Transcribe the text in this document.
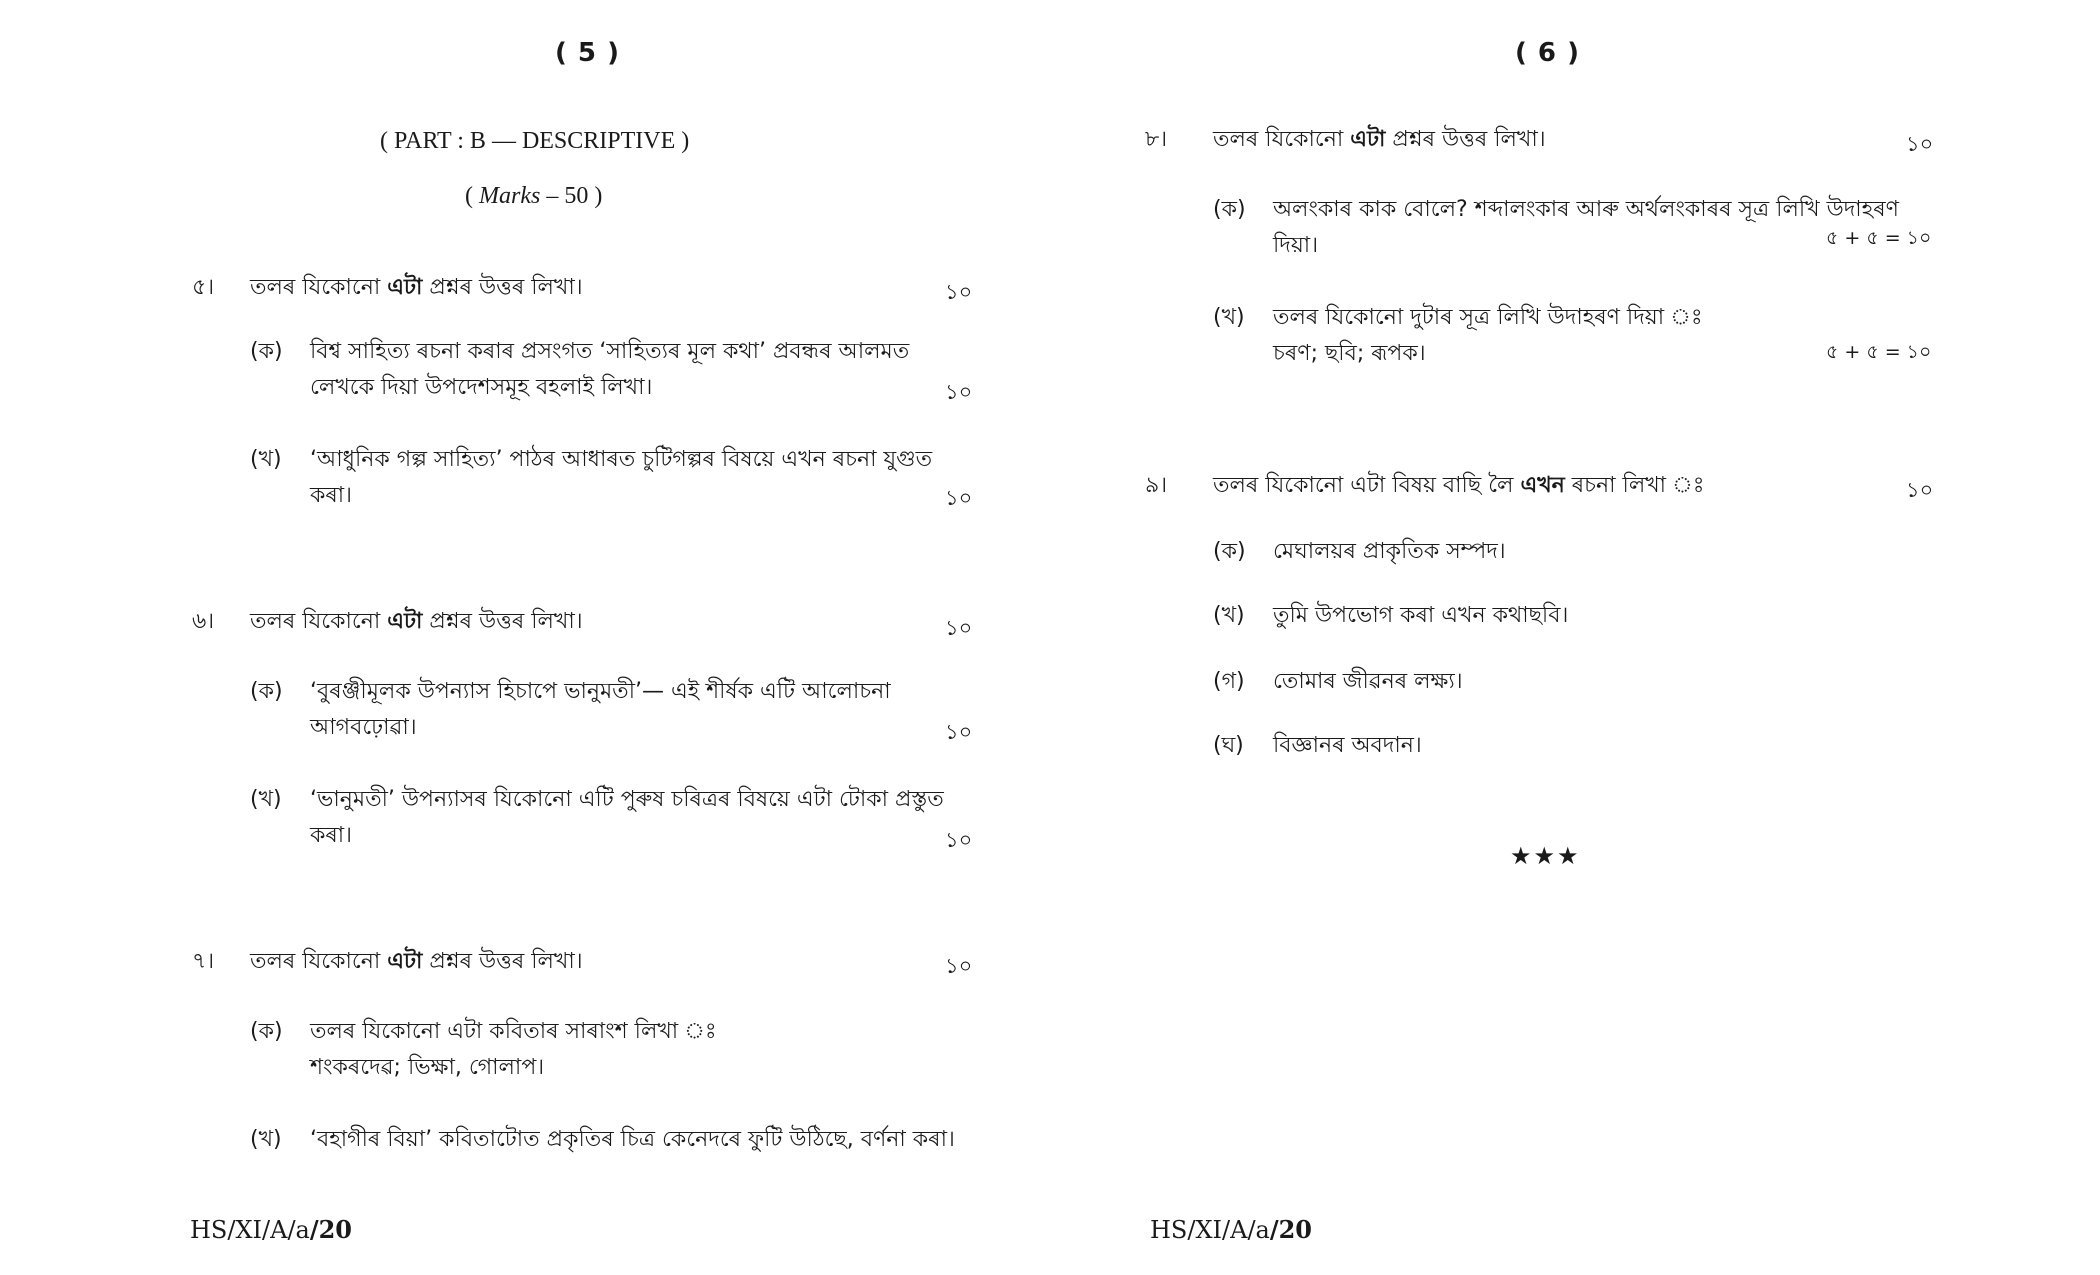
( 5 )
( PART : B — DESCRIPTIVE )
( Marks – 50 )
৫। তলৰ যিকোনো এটা প্ৰশ্নৰ উত্তৰ লিখা।	১০
(ক) বিশ্ব সাহিত্য ৰচনা কৰাৰ প্ৰসংগত ‘সাহিত্যৰ মূল কথা’ প্ৰবন্ধৰ আলমত
লেখকে দিয়া উপদেশসমূহ বহলাই লিখা।	১০
(খ) ‘আধুনিক গল্প সাহিত্য’ পাঠৰ আধাৰত চুটিগল্পৰ বিষয়ে এখন ৰচনা যুগুত
কৰা।	১০
৬। তলৰ যিকোনো এটা প্ৰশ্নৰ উত্তৰ লিখা।	১০
(ক) ‘বুৰঞ্জীমূলক উপন্যাস হিচাপে ভানুমতী’— এই শীৰ্ষক এটি আলোচনা
আগবঢ়োৱা।	১০
(খ) ‘ভানুমতী’ উপন্যাসৰ যিকোনো এটি পুৰুষ চৰিত্ৰৰ বিষয়ে এটা টোকা প্ৰস্তুত
কৰা।	১০
৭। তলৰ যিকোনো এটা প্ৰশ্নৰ উত্তৰ লিখা।	১০
(ক) তলৰ যিকোনো এটা কবিতাৰ সাৰাংশ লিখা ঃ
শংকৰদেৱ; ভিক্ষা, গোলাপ।
(খ) ‘বহাগীৰ বিয়া’ কবিতাটোত প্ৰকৃতিৰ চিত্ৰ কেনেদৰে ফুটি উঠিছে, বৰ্ণনা কৰা।
HS/XI/A/a/20
( 6 )
৮। তলৰ যিকোনো এটা প্ৰশ্নৰ উত্তৰ লিখা।	১০
(ক) অলংকাৰ কাক বোলে? শব্দালংকাৰ আৰু অৰ্থলংকাৰৰ সূত্ৰ লিখি উদাহৰণ
দিয়া।	৫ + ৫ = ১০
(খ) তলৰ যিকোনো দুটাৰ সূত্ৰ লিখি উদাহৰণ দিয়া ঃ
চৰণ; ছবি; ৰূপক।	৫ + ৫ = ১০
৯। তলৰ যিকোনো এটা বিষয় বাছি লৈ এখন ৰচনা লিখা ঃ	১০
(ক) মেঘালয়ৰ প্ৰাকৃতিক সম্পদ।
(খ) তুমি উপভোগ কৰা এখন কথাছবি।
(গ) তোমাৰ জীৱনৰ লক্ষ্য।
(ঘ) বিজ্ঞানৰ অবদান।
★★★
HS/XI/A/a/20
